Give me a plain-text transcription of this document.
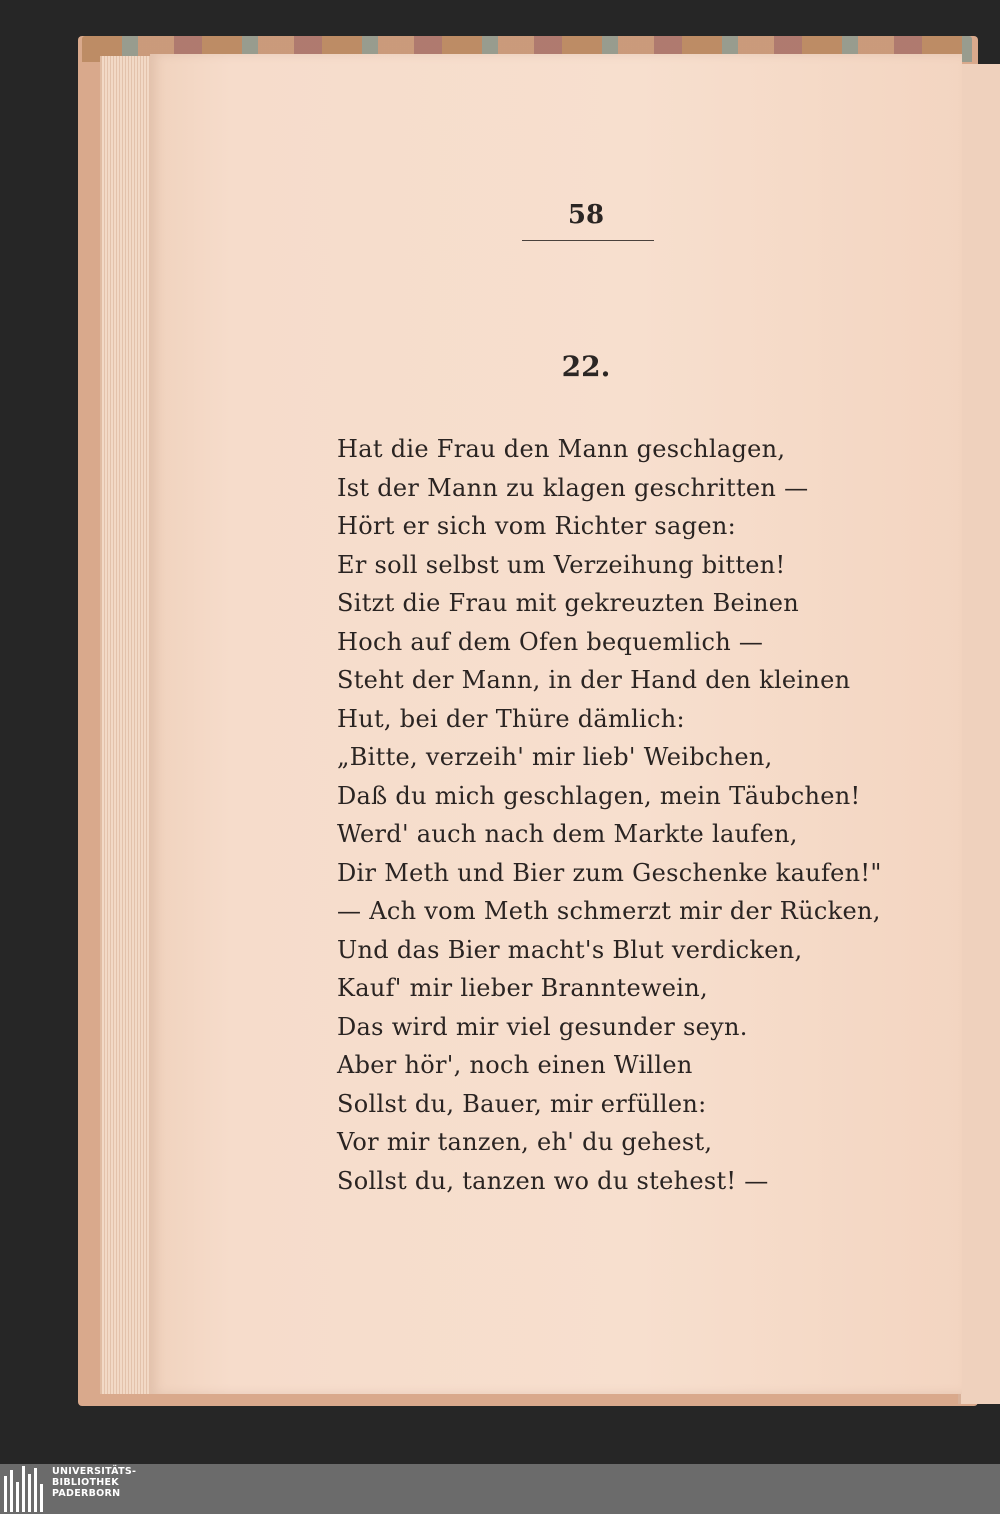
58
22.
Hat die Frau den Mann geschlagen,
Ist der Mann zu klagen geschritten —
Hört er sich vom Richter sagen:
Er soll selbst um Verzeihung bitten!
Sitzt die Frau mit gekreuzten Beinen
Hoch auf dem Ofen bequemlich —
Steht der Mann, in der Hand den kleinen
Hut, bei der Thüre dämlich:
„Bitte, verzeih' mir lieb' Weibchen,
Daß du mich geschlagen, mein Täubchen!
Werd' auch nach dem Markte laufen,
Dir Meth und Bier zum Geschenke kaufen!"
— Ach vom Meth schmerzt mir der Rücken,
Und das Bier macht's Blut verdicken,
Kauf' mir lieber Branntewein,
Das wird mir viel gesunder seyn.
Aber hör', noch einen Willen
Sollst du, Bauer, mir erfüllen:
Vor mir tanzen, eh' du gehest,
Sollst du, tanzen wo du stehest! —
UNIVERSITÄTS-
BIBLIOTHEK
PADERBORN
